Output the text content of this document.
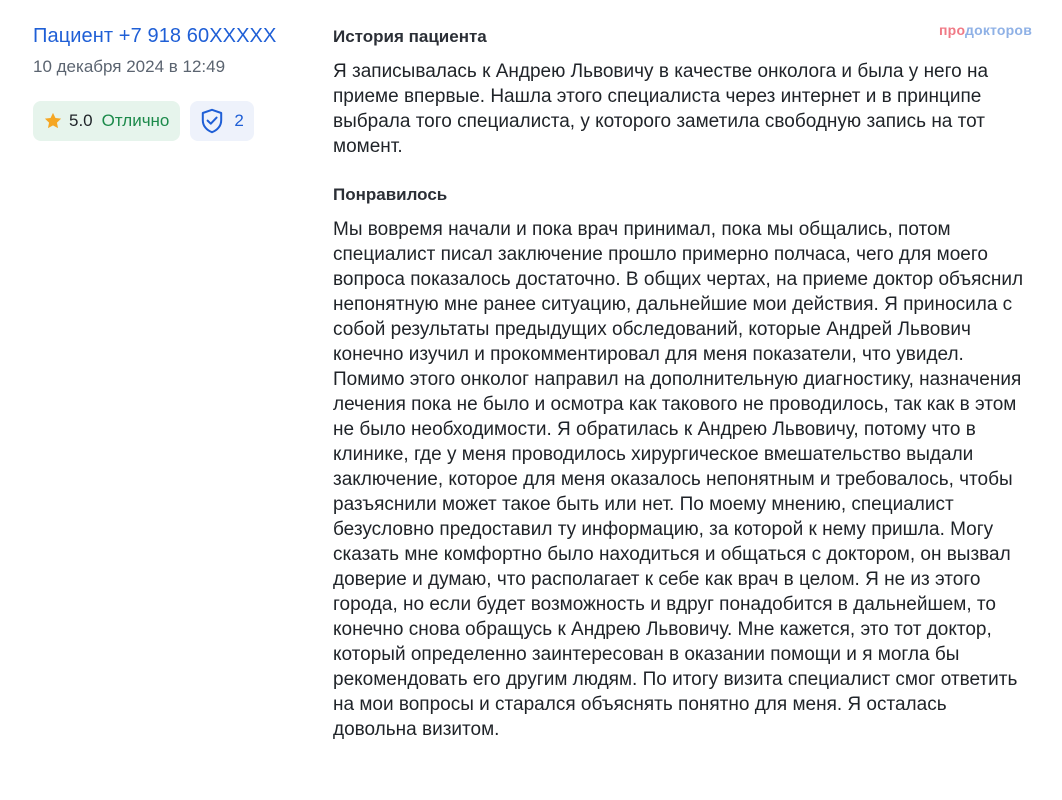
Пациент +7 918 60XXXXX
10 декабря 2024 в 12:49
5.0 Отлично	2
продокторов
История пациента

Я записывалась к Андрею Львовичу в качестве онколога и была у него на приеме впервые. Нашла этого специалиста через интернет и в принципе выбрала того специалиста, у которого заметила свободную запись на тот момент.

Понравилось

Мы вовремя начали и пока врач принимал, пока мы общались, потом специалист писал заключение прошло примерно полчаса, чего для моего вопроса показалось достаточно. В общих чертах, на приеме доктор объяснил непонятную мне ранее ситуацию, дальнейшие мои действия. Я приносила с собой результаты предыдущих обследований, которые Андрей Львович конечно изучил и прокомментировал для меня показатели, что увидел. Помимо этого онколог направил на дополнительную диагностику, назначения лечения пока не было и осмотра как такового не проводилось, так как в этом не было необходимости. Я обратилась к Андрею Львовичу, потому что в клинике, где у меня проводилось хирургическое вмешательство выдали заключение, которое для меня оказалось непонятным и требовалось, чтобы разъяснили может такое быть или нет. По моему мнению, специалист безусловно предоставил ту информацию, за которой к нему пришла. Могу сказать мне комфортно было находиться и общаться с доктором, он вызвал доверие и думаю, что располагает к себе как врач в целом. Я не из этого города, но если будет возможность и вдруг понадобится в дальнейшем, то конечно снова обращусь к Андрею Львовичу. Мне кажется, это тот доктор, который определенно заинтересован в оказании помощи и я могла бы рекомендовать его другим людям. По итогу визита специалист смог ответить на мои вопросы и старался объяснять понятно для меня. Я осталась довольна визитом.
